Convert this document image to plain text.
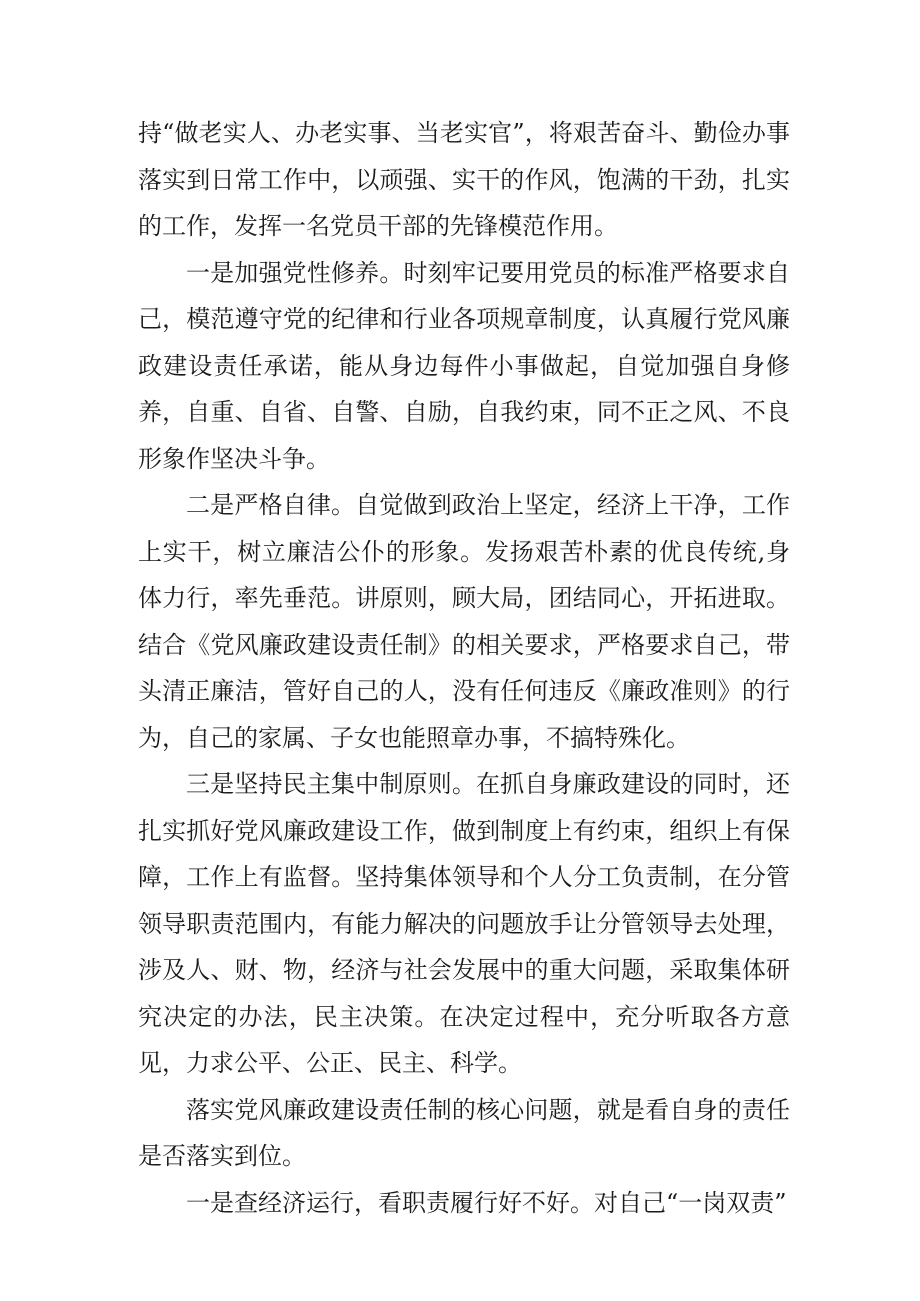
持“做老实人、办老实事、当老实官”，将艰苦奋斗、勤俭办事落实到日常工作中，以顽强、实干的作风，饱满的干劲，扎实的工作，发挥一名党员干部的先锋模范作用。

一是加强党性修养。时刻牢记要用党员的标准严格要求自己，模范遵守党的纪律和行业各项规章制度，认真履行党风廉政建设责任承诺，能从身边每件小事做起，自觉加强自身修养，自重、自省、自警、自励，自我约束，同不正之风、不良形象作坚决斗争。

二是严格自律。自觉做到政治上坚定，经济上干净，工作上实干，树立廉洁公仆的形象。发扬艰苦朴素的优良传统,身体力行，率先垂范。讲原则，顾大局，团结同心，开拓进取。结合《党风廉政建设责任制》的相关要求，严格要求自己，带头清正廉洁，管好自己的人，没有任何违反《廉政准则》的行为，自己的家属、子女也能照章办事，不搞特殊化。

三是坚持民主集中制原则。在抓自身廉政建设的同时，还扎实抓好党风廉政建设工作，做到制度上有约束，组织上有保障，工作上有监督。坚持集体领导和个人分工负责制，在分管领导职责范围内，有能力解决的问题放手让分管领导去处理，涉及人、财、物，经济与社会发展中的重大问题，采取集体研究决定的办法，民主决策。在决定过程中，充分听取各方意见，力求公平、公正、民主、科学。

落实党风廉政建设责任制的核心问题，就是看自身的责任是否落实到位。

一是查经济运行，看职责履行好不好。对自己“一岗双责”
